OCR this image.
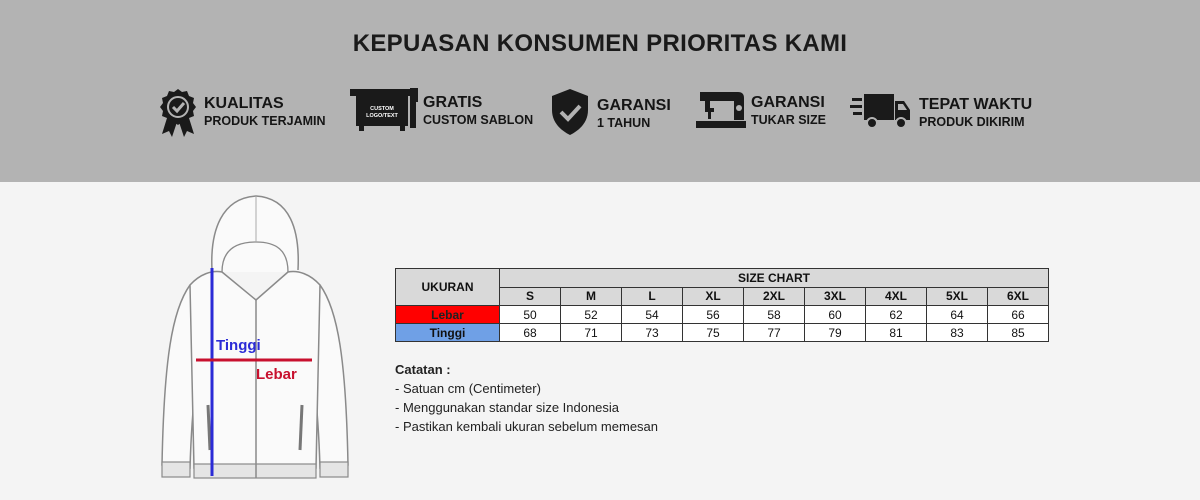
KEPUASAN KONSUMEN PRIORITAS KAMI
KUALITAS
PRODUK TERJAMIN
CUSTOM
LOGO/TEXT
GRATIS
CUSTOM SABLON
GARANSI
1 TAHUN
GARANSI
TUKAR SIZE
TEPAT WAKTU
PRODUK DIKIRIM
Tinggi
Lebar
UKURAN	SIZE CHART								
	S	M	L	XL	2XL	3XL	4XL	5XL	6XL
Lebar	50	52	54	56	58	60	62	64	66
Tinggi	68	71	73	75	77	79	81	83	85
Catatan :
- Satuan cm (Centimeter)
- Menggunakan standar size Indonesia
- Pastikan kembali ukuran sebelum memesan
